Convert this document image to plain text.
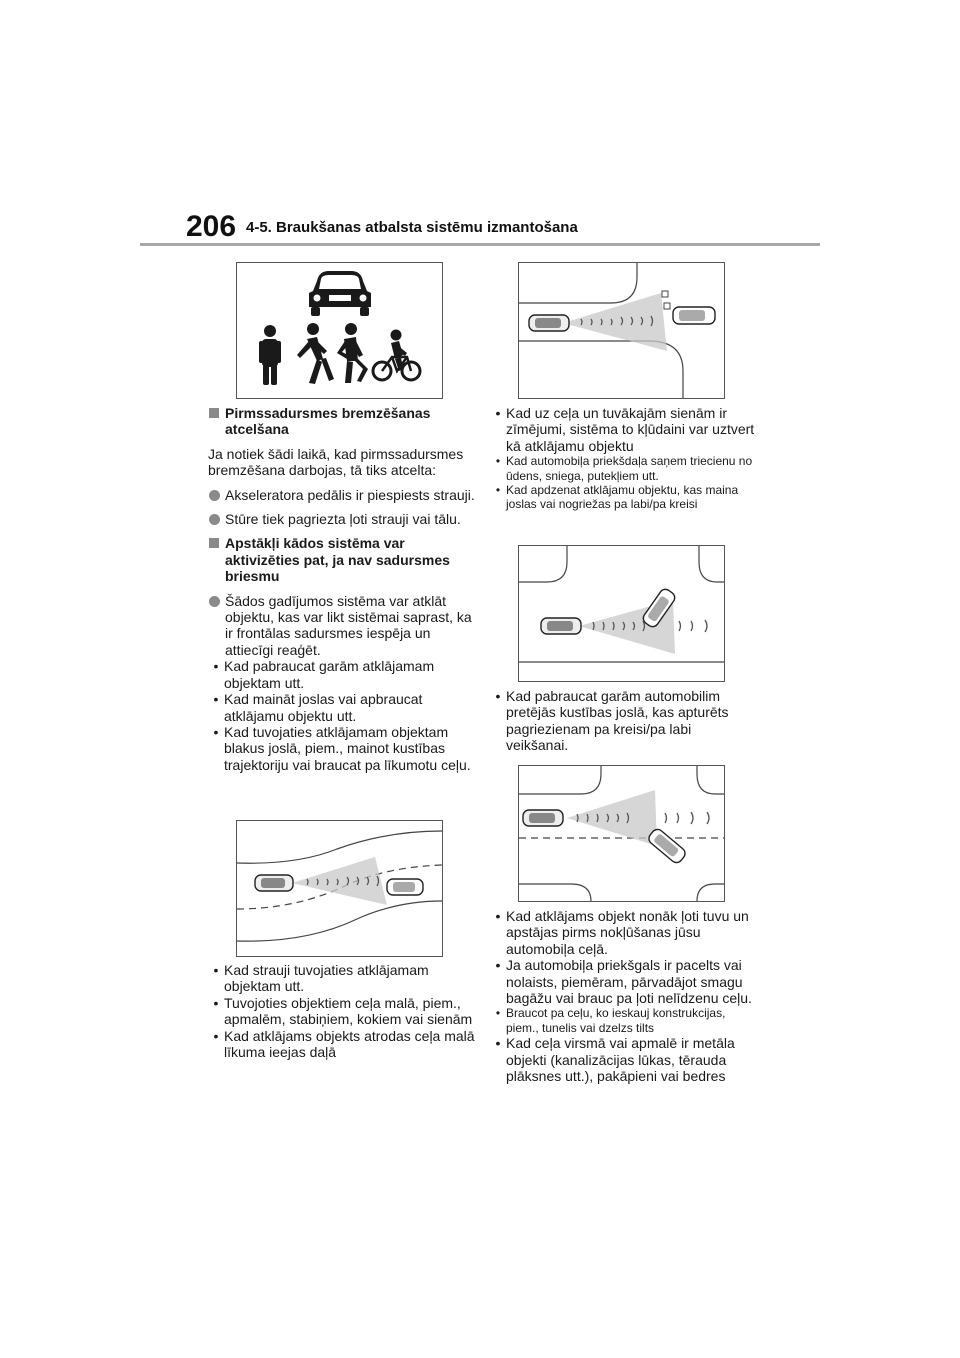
206 4-5. Braukšanas atbalsta sistēmu izmantošana
Pirmssadursmes bremzēšanas atcelšana

Ja notiek šādi laikā, kad pirmssadursmes bremzēšana darbojas, tā tiks atcelta:

Akseleratora pedālis ir piespiests strauji.
Stūre tiek pagriezta ļoti strauji vai tālu.
Apstākļi kādos sistēma var aktivizēties pat, ja nav sadursmes briesmu
Šādos gadījumos sistēma var atklāt objektu, kas var likt sistēmai saprast, ka ir frontālas sadursmes iespēja un attiecīgi reaģēt.
• Kad pabraucat garām atklājamam objektam utt.
• Kad maināt joslas vai apbraucat atklājamu objektu utt.
• Kad tuvojaties atklājamam objektam blakus joslā, piem., mainot kustības trajektoriju vai braucat pa līkumotu ceļu.
• Kad strauji tuvojaties atklājamam objektam utt.
• Tuvojoties objektiem ceļa malā, piem., apmalēm, stabiņiem, kokiem vai sienām
• Kad atklājams objekts atrodas ceļa malā līkuma ieejas daļā
• Kad uz ceļa un tuvākajām sienām ir zīmējumi, sistēma to kļūdaini var uztvert kā atklājamu objektu
• Kad automobiļa priekšdaļa saņem triecienu no ūdens, sniega, putekļiem utt.
• Kad apdzenat atklājamu objektu, kas maina joslas vai nogriežas pa labi/pa kreisi
• Kad pabraucat garām automobilim pretējās kustības joslā, kas apturēts pagriezienam pa kreisi/pa labi veikšanai.
• Kad atklājams objekt nonāk ļoti tuvu un apstājas pirms nokļūšanas jūsu automobiļa ceļā.
• Ja automobiļa priekšgals ir pacelts vai nolaists, piemēram, pārvadājot smagu bagāžu vai brauc pa ļoti nelīdzenu ceļu.
• Braucot pa ceļu, ko ieskauj konstrukcijas, piem., tunelis vai dzelzs tilts
• Kad ceļa virsmā vai apmalē ir metāla objekti (kanalizācijas lūkas, tērauda plāksnes utt.), pakāpieni vai bedres
